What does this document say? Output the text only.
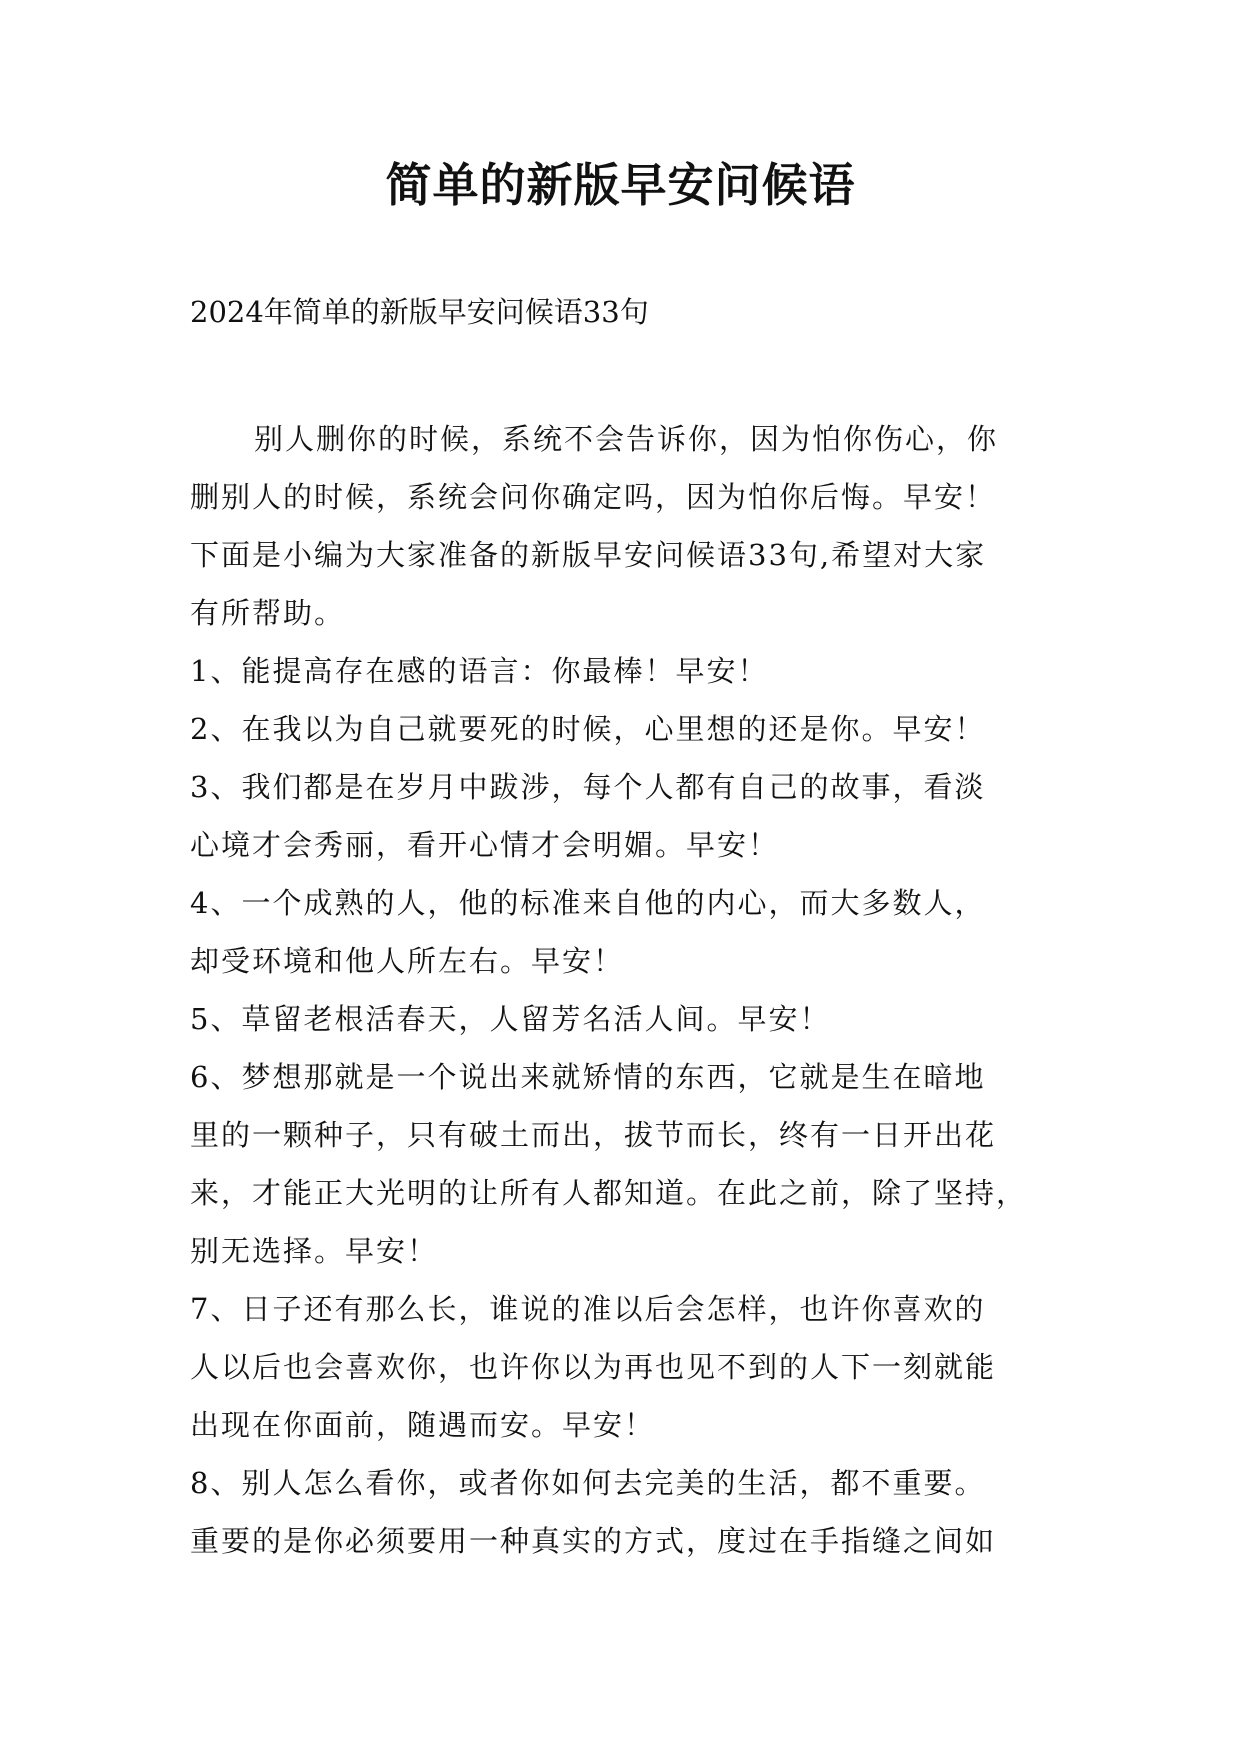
简单的新版早安问候语
2024年简单的新版早安问候语33句
别人删你的时候，系统不会告诉你，因为怕你伤心，你
删别人的时候，系统会问你确定吗，因为怕你后悔。早安！
下面是小编为大家准备的新版早安问候语33句,希望对大家
有所帮助。
1、能提高存在感的语言：你最棒！早安！
2、在我以为自己就要死的时候，心里想的还是你。早安！
3、我们都是在岁月中跋涉，每个人都有自己的故事，看淡
心境才会秀丽，看开心情才会明媚。早安！
4、一个成熟的人，他的标准来自他的内心，而大多数人，
却受环境和他人所左右。早安！
5、草留老根活春天，人留芳名活人间。早安！
6、梦想那就是一个说出来就矫情的东西，它就是生在暗地
里的一颗种子，只有破土而出，拔节而长，终有一日开出花
来，才能正大光明的让所有人都知道。在此之前，除了坚持，
别无选择。早安！
7、日子还有那么长，谁说的准以后会怎样，也许你喜欢的
人以后也会喜欢你，也许你以为再也见不到的人下一刻就能
出现在你面前，随遇而安。早安！
8、别人怎么看你，或者你如何去完美的生活，都不重要。
重要的是你必须要用一种真实的方式，度过在手指缝之间如
